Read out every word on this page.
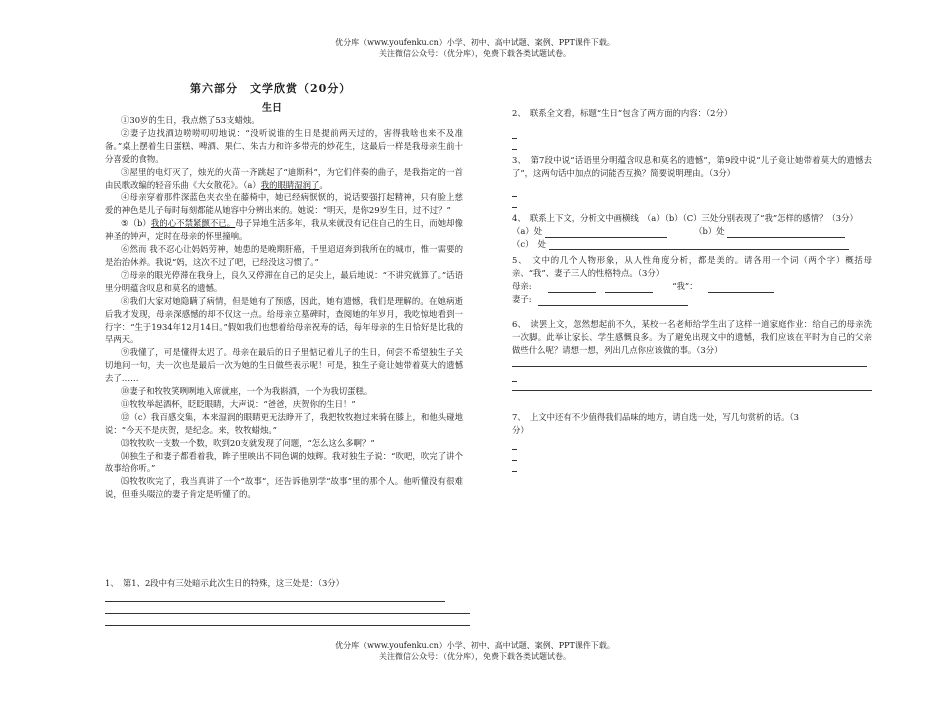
优分库（www.youfenku.cn）小学、初中、高中试题、案例、PPT课件下载。
关注微信公众号：（优分库），免费下载各类试题试卷。
第六部分　文学欣赏（20分）
生日

①30岁的生日，我点燃了53支蜡烛。

②妻子边找酒边唠唠叨叨地说：“没听说谁的生日是提前两天过的，害得我啥也来不及准备。”桌上摆着生日蛋糕、啤酒、果仁、朱古力和许多带壳的炒花生，这最后一样是我母亲生前十分喜爱的食物。

③屋里的电灯灭了，烛光的火苗一齐跳起了“迪斯科”，为它们伴奏的曲子，是我指定的一首由民歌改编的轻音乐曲《大女散花》。（a）我的眼睛湿润了。

④母亲穿着那件深蓝色夹衣坐在藤椅中，她已经病恹恹的，说话要强打起精神，只有脸上慈爱的神色是儿子每时每刻都能从她容中分辨出来的。她说：“明天，是你29岁生日，过不过？”

⑤（b）我的心不禁紧颤不已。母子异地生活多年，我从来就没有记住自己的生日，而她却像神圣的钟声，定时在母亲的怀里撞响。

⑥然而 我不忍心让妈妈劳神，她患的是晚期肝癌，千里迢迢奔到我所在的城市，惟一需要的是治治休养。我说“妈，这次不过了吧，已经没这习惯了。”

⑦母亲的眼光停滞在我身上，良久又停滞在自己的足尖上，最后地说：“不讲究就算了。”话语里分明蕴含叹息和莫名的遗憾。

⑧我们大家对她隐瞒了病情，但是她有了预感，因此，她有遗憾，我们是理解的。在她病逝后我才发现，母亲深感憾的却不仅这一点。给母亲立墓碑时，查阅她的年岁月，我吃惊地看到一行字：“生于1934年12月14日。”假如我们也想着给母亲祝寿的话，每年母亲的生日恰好是比我的早两天。

⑨我懂了，可是懂得太迟了。母亲在最后的日子里惦记着儿子的生日，何尝不希望独生子关切地问一句，夫一次也是最后一次为她的生日做些表示呢！可是，独生子竟让她带着莫大的遗憾去了……

⑩妻子和牧牧笑咧咧地入席就座，一个为我斟酒，一个为我切蛋糕。

⑪牧牧举起酒杯，眨眨眼睛，大声说：“爸爸，庆贺你的生日！”

⑫（c）我百感交集，本来湿润的眼睛更无法睁开了，我把牧牧抱过来骑在膝上，和他头碰地说：“今天不是庆贺，是纪念。来，牧牧蜡烛。”

⒀牧牧吹一支数一个数，吹到20支就发现了问题，“怎么这么多啊？”

⒁独生子和妻子都看着我，眸子里映出不同色调的烛辉。我对独生子说：“吹吧，吹完了讲个故事给你听。”

⒂牧牧吹完了，我当真讲了一个“故事”，还告诉他别学“故事”里的那个人。他听懂没有很难说，但垂头啜泣的妻子肯定是听懂了的。

1、　第1、2段中有三处暗示此次生日的特殊，这三处是：（3分）

2、　联系全文看，标题“生日”包含了两方面的内容：（2分）

3、　第7段中说“话语里分明蕴含叹息和莫名的遗憾”，第9段中说“儿子竟让她带着莫大的遗憾去了”，这两句话中加点的词能否互换？简要说明理由。（3分）

4、　联系上下文，分析文中画横线　（a）（b）（C）三处分别表现了“我”怎样的感情？（3分）

（a）处	（b）处
（c）　处

5、　文中的几个人物形象，从人性角度分析，都是美的。请各用一个词（两个字）概括母亲、“我”、妻子三人的性格特点。（3分）

母亲:	“我”：
妻子:

6、　读罢上文，忽然想起前不久，某校一名老师给学生出了这样一道家庭作业：给自己的母亲洗一次脚。此举让家长、学生感慨良多。为了避免出现文中的遗憾，我们应该在平时为自己的父亲做些什么呢？请想一想，列出几点你应该做的事。（3分）

7、　上文中还有不少值得我们品味的地方，请自选一处，写几句赏析的话。（3

分）

优分库（www.youfenku.cn）小学、初中、高中试题、案例、PPT课件下载。
关注微信公众号：（优分库），免费下载各类试题试卷。
